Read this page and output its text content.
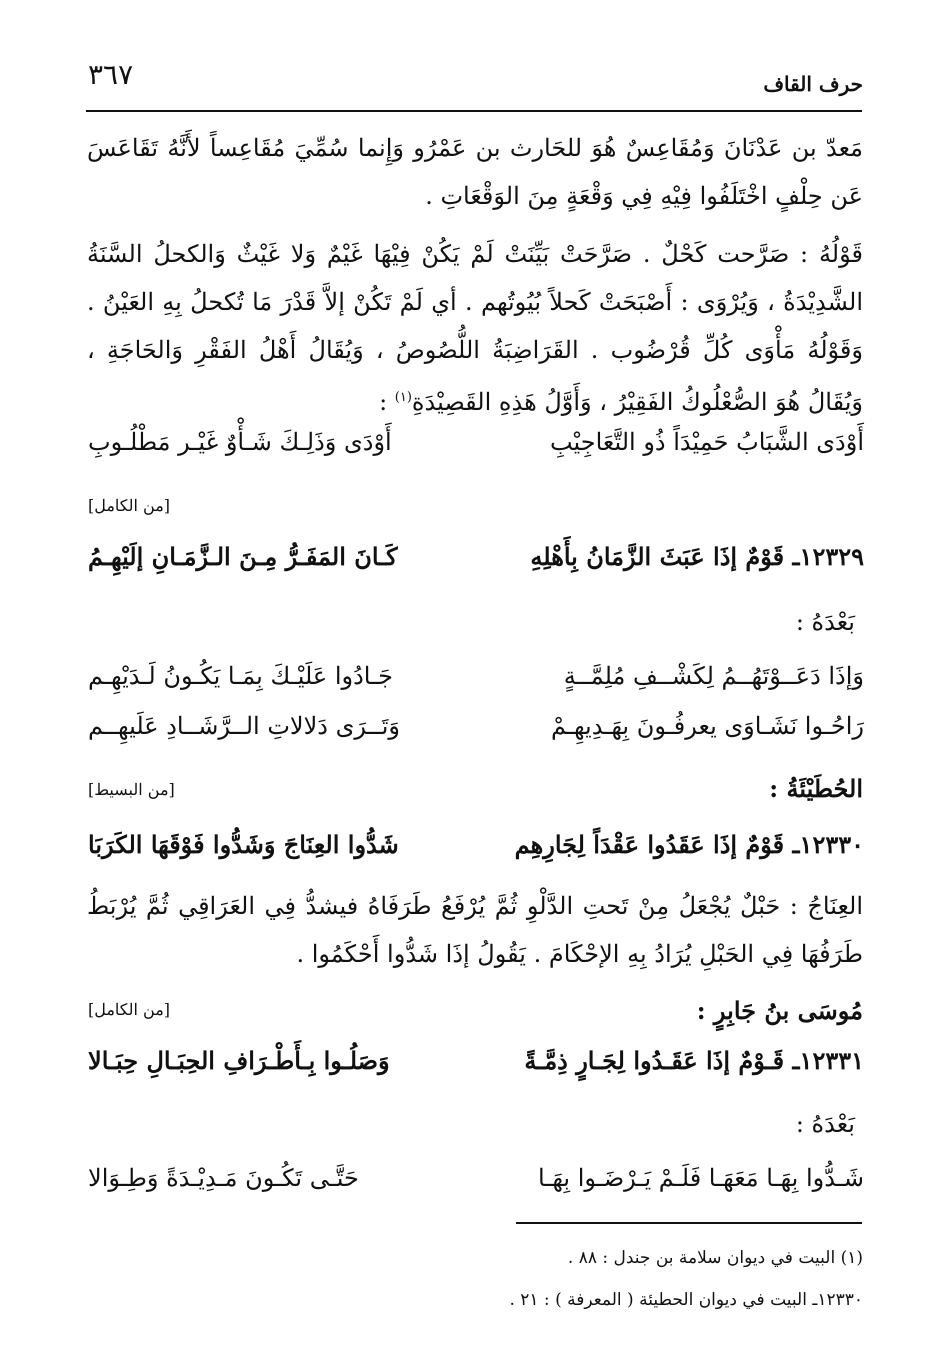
حرف القاف
٣٦٧

مَعدّ بن عَدْنَانَ وَمُقَاعِسٌ هُوَ للحَارث بن عَمْرُو وَإِنما سُمِّيَ مُقَاعِساً لأَنَّهُ تَقَاعَسَ عَن حِلْفٍ اخْتَلَفُوا فِيْهِ فِي وَقْعَةٍ مِنَ الوَقْعَاتِ .

قَوْلُهُ : صَرَّحت كَحْلٌ . صَرَّحَتْ بَيِّنَتْ لَمْ يَكُنْ فِيْهَا غَيْمٌ وَلا غَيْثٌ وَالكحلُ السَّنَةُ الشَّدِيْدَةُ ، وَيُرْوَى : أَصْبَحَتْ كَحلاً بُيُوتُهم . أي لَمْ تَكُنْ إلاَّ قَدْرَ مَا تُكحلُ بِهِ العَيْنُ . وَقَوْلُهُ مَأْوَى كُلِّ قُرْضُوب . القَرَاضِبَةُ اللُّصُوصُ ، وَيُقَالُ أَهْلُ الفَقْرِ وَالحَاجَةِ ، وَيُقَالُ هُوَ الصُّعْلُوكُ الفَقِيْرُ ، وَأَوَّلُ هَذِهِ القَصِيْدَةِ$^{(١)}$ :

أَوْدَى الشَّبَابُ حَمِيْدَاً ذُو التَّعَاجِيْبِ
أَوْدَى وَذَلِـكَ شَـأْوٌ غَيْـر مَطْلُـوبِ
[من الكامل]
١٢٣٢٩ـ قَوْمٌ إذَا عَبَثَ الزَّمَانُ بِأَهْلِهِ
كَـانَ المَفَـرُّ مِـنَ الـزَّمَـانِ إلَيْهِـمُ
بَعْدَهُ :
وَإذَا دَعَــوْتَهُــمُ لِكَشْــفِ مُلِمَّــةٍ
جَـادُوا عَلَيْـكَ بِمَـا يَكُـونُ لَـدَيْهِـم
رَاحُـوا نَشَـاوَى يعرفُـونَ بِهَـدِيهِـمْ
وَتَــرَى دَلالاتِ الــرَّشَــادِ عَلَيهِــم
الحُطَيْئَةُ :
[من البسيط]
١٢٣٣٠ـ قَوْمٌ إذَا عَقَدُوا عَقْدَاً لِجَارِهِم
شَدُّوا العِنَاجَ وَشَدُّوا فَوْقَهَا الكَرَبَا

العِنَاجُ : حَبْلٌ يُجْعَلُ مِنْ تَحتِ الدَّلْوِ ثُمَّ يُرْفَعُ طَرَفَاهُ فيشدُّ فِي العَرَاقِي ثُمَّ يُرْبَطُ طَرَفُهَا فِي الحَبْلِ يُرَادُ بِهِ الإحْكَامَ . يَقُولُ إذَا شَدُّوا أَحْكَمُوا .

مُوسَى بنُ جَابِرٍ :
[من الكامل]
١٢٣٣١ـ قَـوْمٌ إذَا عَقَـدُوا لِجَـارٍ ذِمَّـةً
وَصَلُـوا بِـأَطْـرَافِ الحِبَـالِ حِبَـالا
بَعْدَهُ :
شَـدُّوا بِهَـا مَعَهَـا فَلَـمْ يَـرْضَـوا بِهَـا
حَتَّـى تَكُـونَ مَـدِيْـدَةً وَطِـوَالا
(١) البيت في ديوان سلامة بن جندل : ٨٨ .
١٢٣٣٠ـ البيت في ديوان الحطيئة ( المعرفة ) : ٢١ .
